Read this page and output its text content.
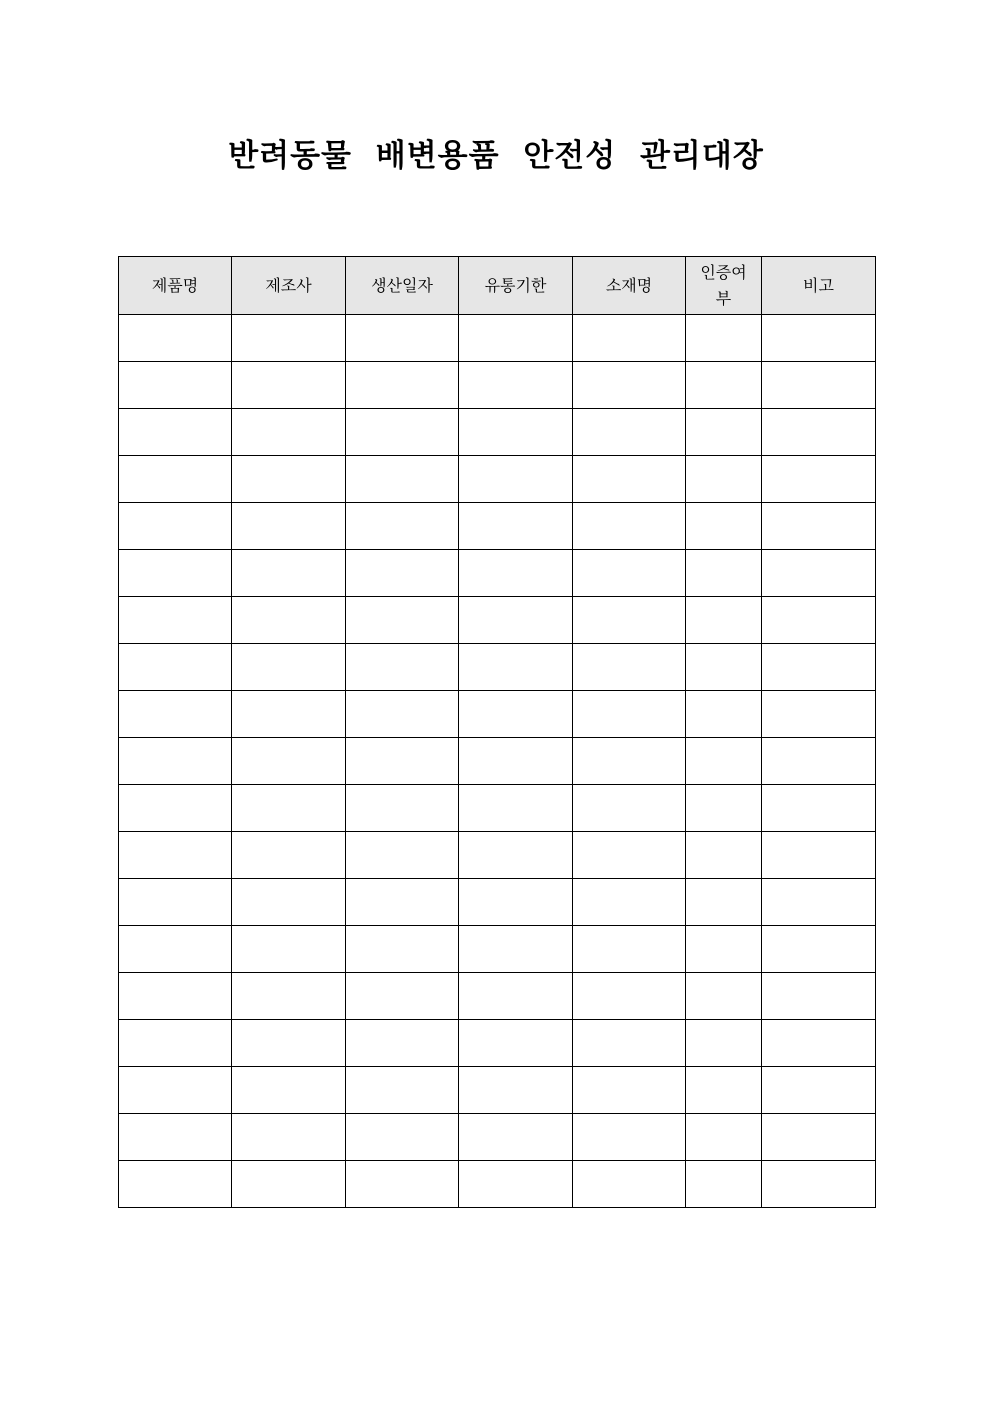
반려동물 배변용품 안전성 관리대장
제품명	제조사	생산일자	유통기한	소재명	인증여부	비고
